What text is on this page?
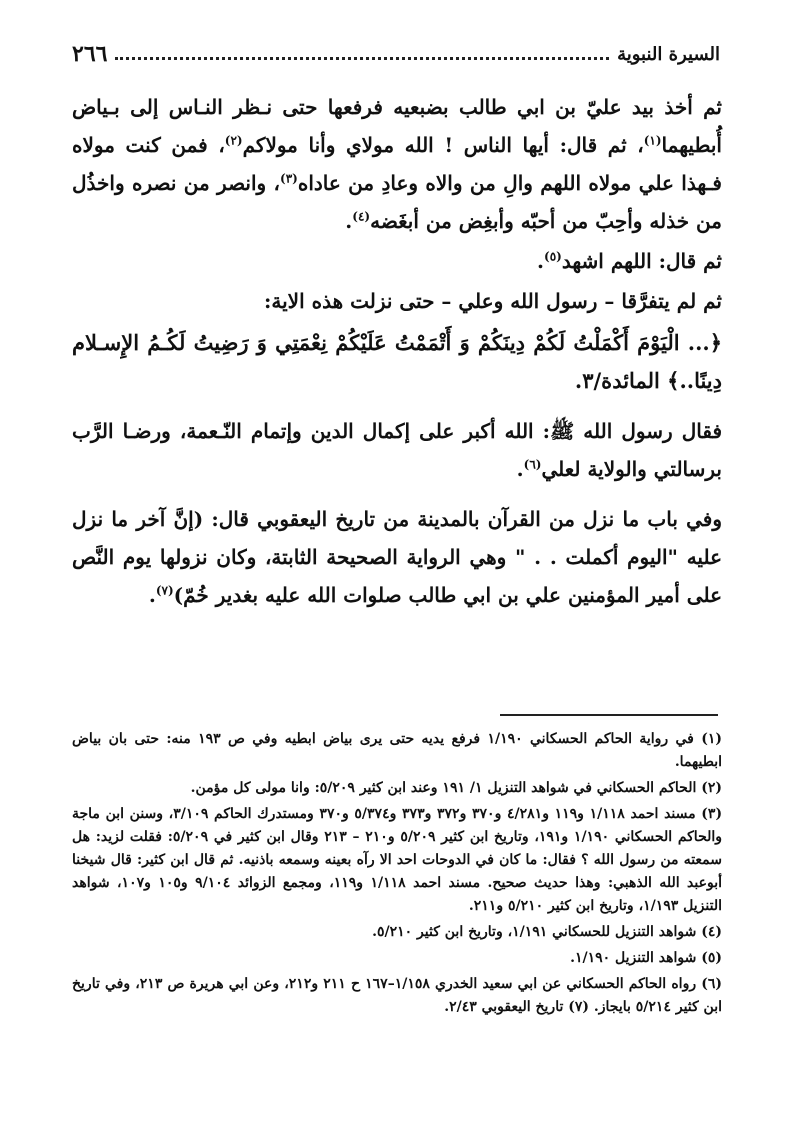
السيرة النبوية
٢٦٦

ثم أخذ بيد عليّ بن ابي طالب بضبعيه فرفعها حتى نـظر النـاس إلى بـياض أُبطيهما$^{(١)}$، ثم قال: أيها الناس ! الله مولاي وأنا مولاكم$^{(٢)}$، فمن كنت مولاه فـهذا علي مولاه اللهم والِ من والاه وعادِ من عاداه$^{(٣)}$، وانصر من نصره واخذُل من خذله وأحِبّ من أحبّه وأبغِض من أبغَضه$^{(٤)}$.

ثم قال: اللهم اشهد$^{(٥)}$.

ثم لم يتفرَّقا – رسول الله وعلي – حتى نزلت هذه الاية:

﴿... الْيَوْمَ أَكْمَلْتُ لَكُمْ دِينَكُمْ وَ أَتْمَمْتُ عَلَيْكُمْ نِعْمَتِي وَ رَضِيتُ لَكُـمُ الإِسـلام دِينًا..﴾ المائدة/٣.

فقال رسول الله ﷺ: الله أكبر على إكمال الدين وإتمام النّـعمة، ورضـا الرَّب برسالتي والولاية لعلي$^{(٦)}$.

وفي باب ما نزل من القرآن بالمدينة من تاريخ اليعقوبي قال: (إنَّ آخر ما نزل عليه "اليوم أكملت . . " وهي الرواية الصحيحة الثابتة، وكان نزولها يوم النَّص على أمير المؤمنين علي بن ابي طالب صلوات الله عليه بغدير خُمّ)$^{(٧)}$.

(١) في رواية الحاكم الحسكاني ١/١٩٠ فرفع يديه حتى يرى بياض ابطيه وفي ص ١٩٣ منه: حتى بان بياض ابطيهما.

(٢) الحاكم الحسكاني في شواهد التنزيل ١/ ١٩١ وعند ابن كثير ٥/٢٠٩: وانا مولى كل مؤمن.

(٣) مسند احمد ١/١١٨ و١١٩ و٤/٢٨١ و٣٧٠ و٣٧٢ و٣٧٣ و٥/٣٧٤ و٣٧٠ ومستدرك الحاكم ٣/١٠٩، وسنن ابن ماجة والحاكم الحسكاني ١/١٩٠ و١٩١، وتاريخ ابن كثير ٥/٢٠٩ و٢١٠ – ٢١٣ وقال ابن كثير في ٥/٢٠٩: فقلت لزيد: هل سمعته من رسول الله ؟ فقال: ما كان في الدوحات احد الا رآه بعينه وسمعه باذنيه. ثم قال ابن كثير: قال شيخنا أبوعبد الله الذهبي: وهذا حديث صحيح. مسند احمد ١/١١٨ و١١٩، ومجمع الزوائد ٩/١٠٤ و١٠٥ و١٠٧، شواهد التنزيل ١/١٩٣، وتاريخ ابن كثير ٥/٢١٠ و٢١١.

(٤) شواهد التنزيل للحسكاني ١/١٩١، وتاريخ ابن كثير ٥/٢١٠.

(٥) شواهد التنزيل ١/١٩٠.

(٦) رواه الحاكم الحسكاني عن ابي سعيد الخدري ١/١٥٨–١٦٧ ح ٢١١ و٢١٢، وعن ابي هريرة ص ٢١٣، وفي تاريخ ابن كثير ٥/٢١٤ بايجاز. (٧) تاريخ اليعقوبي ٢/٤٣.
